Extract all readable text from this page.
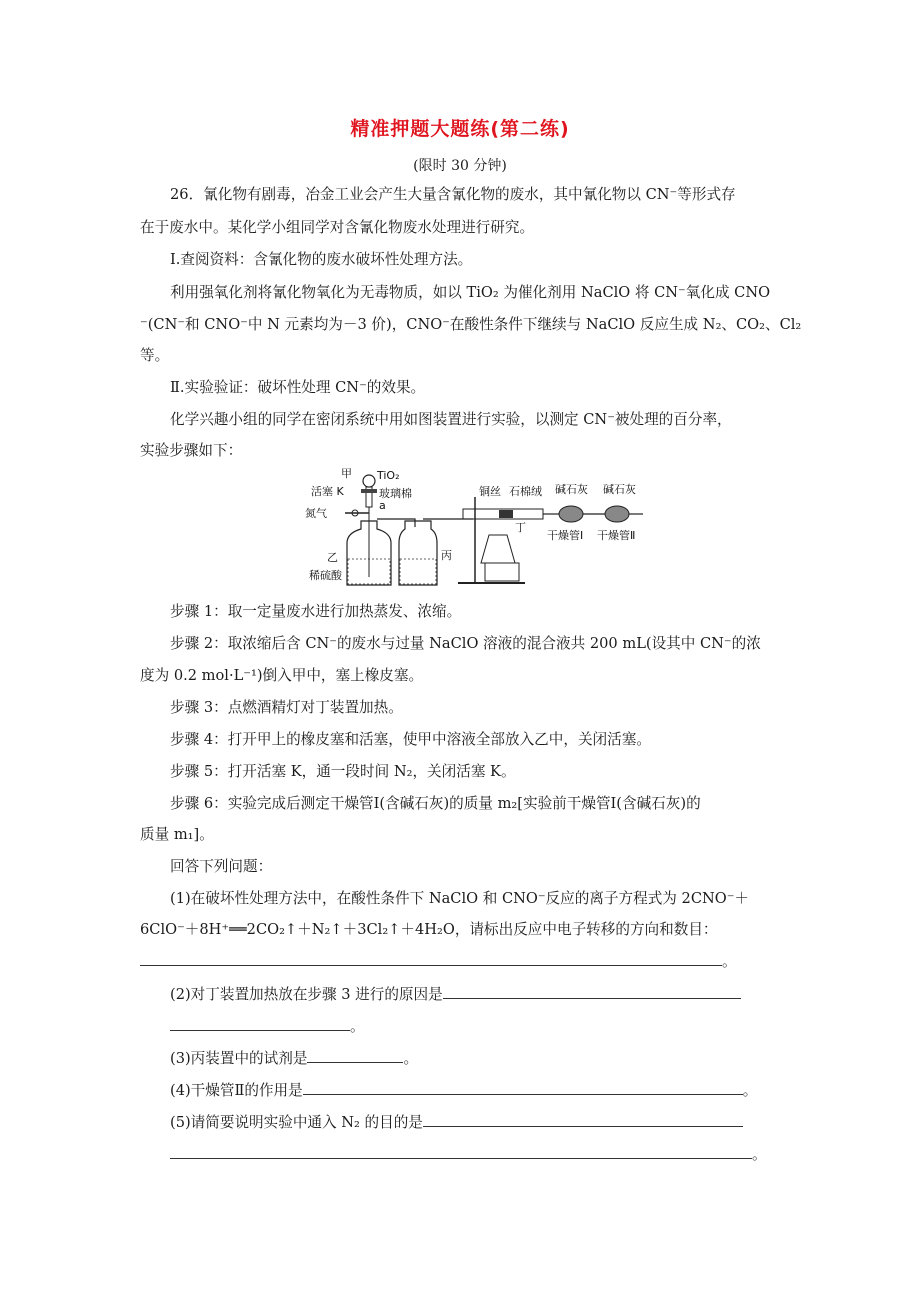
精准押题大题练(第二练)
(限时 30 分钟)
26．氰化物有剧毒，冶金工业会产生大量含氰化物的废水，其中氰化物以 CN⁻等形式存
在于废水中。某化学小组同学对含氰化物废水处理进行研究。
Ⅰ.查阅资料：含氰化物的废水破坏性处理方法。
利用强氧化剂将氰化物氧化为无毒物质，如以 TiO₂ 为催化剂用 NaClO 将 CN⁻氧化成 CNO
⁻(CN⁻和 CNO⁻中 N 元素均为－3 价)，CNO⁻在酸性条件下继续与 NaClO 反应生成 N₂、CO₂、Cl₂
等。
Ⅱ.实验验证：破坏性处理 CN⁻的效果。
化学兴趣小组的同学在密闭系统中用如图装置进行实验，以测定 CN⁻被处理的百分率，
实验步骤如下：
甲 TiO₂
活塞 K	玻璃棉
a
氮气
乙
稀硫酸
丙
铜丝 石棉绒
丁
碱石灰 碱石灰
干燥管Ⅰ 干燥管Ⅱ
步骤 1：取一定量废水进行加热蒸发、浓缩。
步骤 2：取浓缩后含 CN⁻的废水与过量 NaClO 溶液的混合液共 200 mL(设其中 CN⁻的浓
度为 0.2 mol·L⁻¹)倒入甲中，塞上橡皮塞。
步骤 3：点燃酒精灯对丁装置加热。
步骤 4：打开甲上的橡皮塞和活塞，使甲中溶液全部放入乙中，关闭活塞。
步骤 5：打开活塞 K，通一段时间 N₂，关闭活塞 K。
步骤 6：实验完成后测定干燥管Ⅰ(含碱石灰)的质量 m₂[实验前干燥管Ⅰ(含碱石灰)的
质量 m₁]。
回答下列问题：
(1)在破坏性处理方法中，在酸性条件下 NaClO 和 CNO⁻反应的离子方程式为 2CNO⁻＋
6ClO⁻＋8H⁺══2CO₂↑＋N₂↑＋3Cl₂↑＋4H₂O，请标出反应中电子转移的方向和数目：
。
(2)对丁装置加热放在步骤 3 进行的原因是
。
(3)丙装置中的试剂是	。
(4)干燥管Ⅱ的作用是	。
(5)请简要说明实验中通入 N₂ 的目的是
。
